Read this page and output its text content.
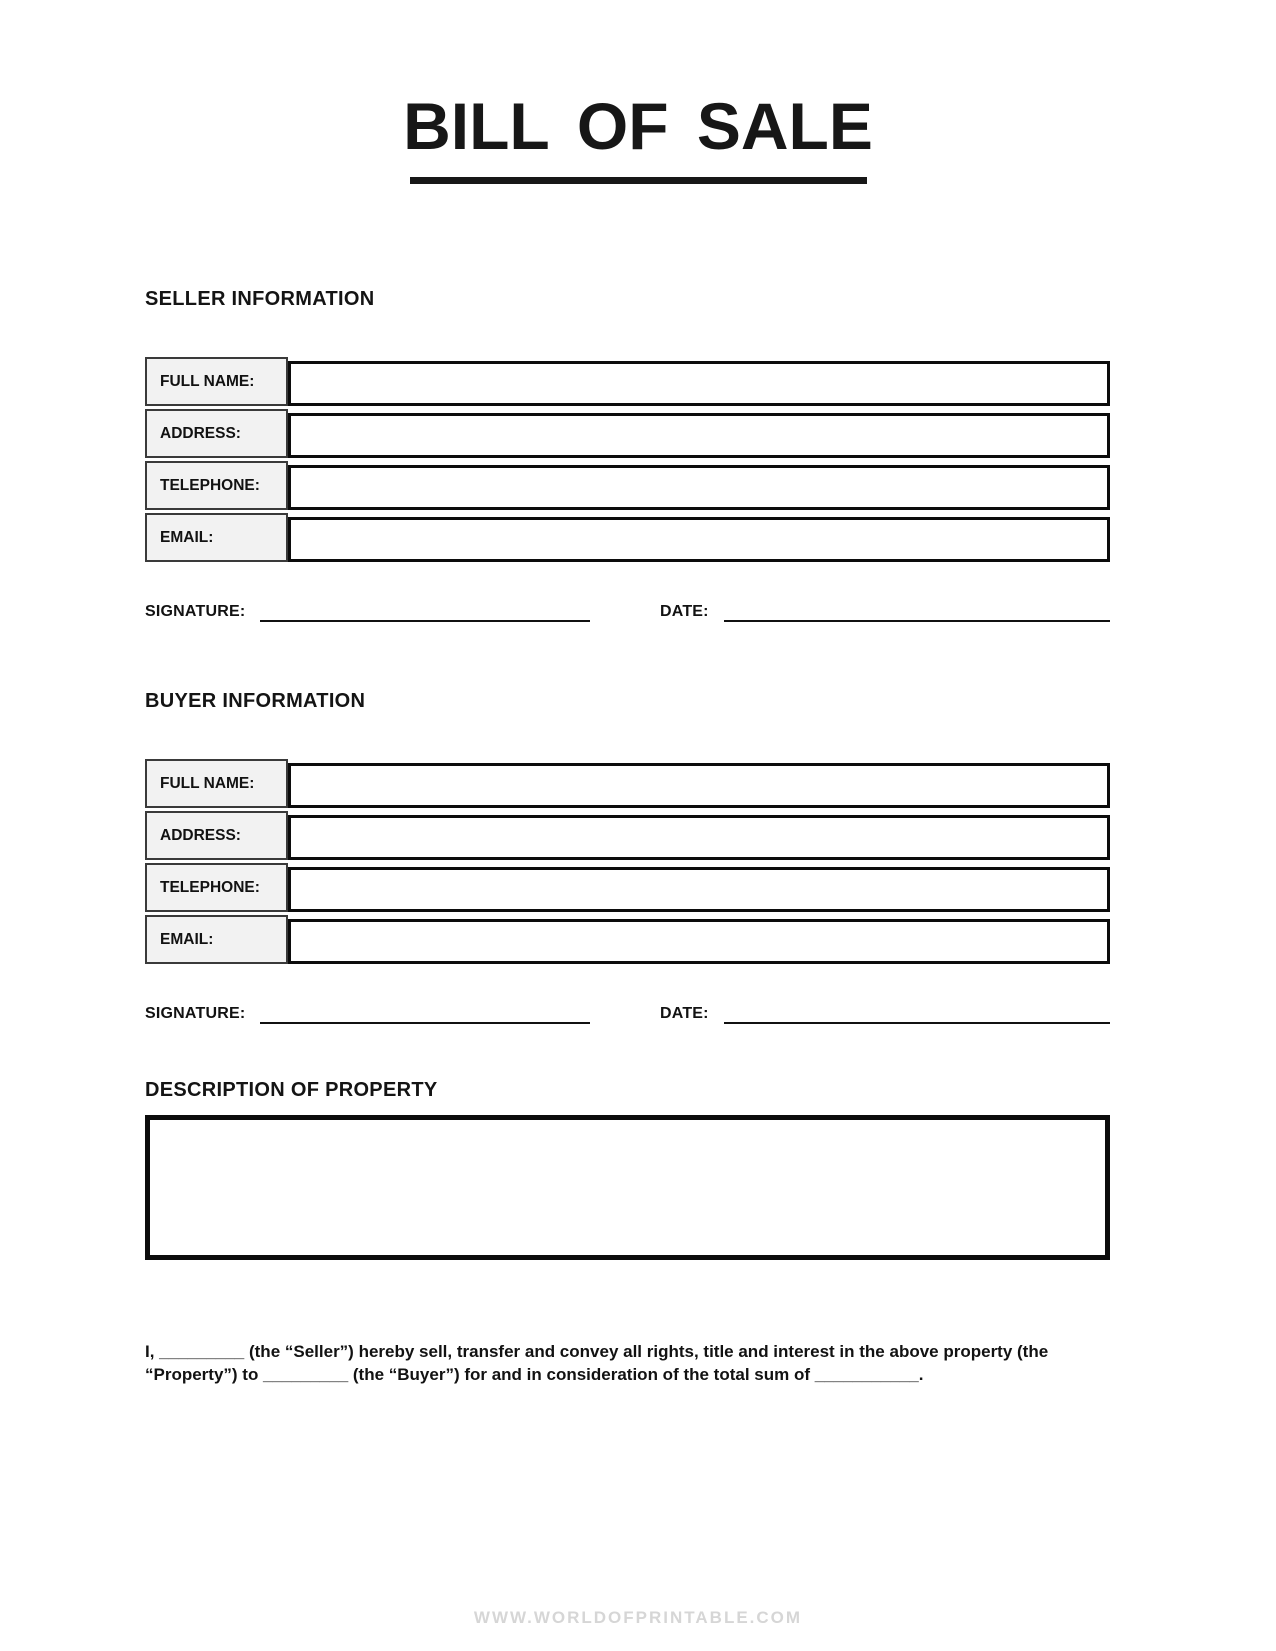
BILL OF SALE
SELLER INFORMATION
FULL NAME:
ADDRESS:
TELEPHONE:
EMAIL:
SIGNATURE:	DATE:
BUYER INFORMATION
FULL NAME:
ADDRESS:
TELEPHONE:
EMAIL:
SIGNATURE:	DATE:
DESCRIPTION OF PROPERTY
I, _________ (the “Seller”) hereby sell, transfer and convey all rights, title and interest in the above property (the “Property”) to _________ (the “Buyer”) for and in consideration of the total sum of ___________.
WWW.WORLDOFPRINTABLE.COM
